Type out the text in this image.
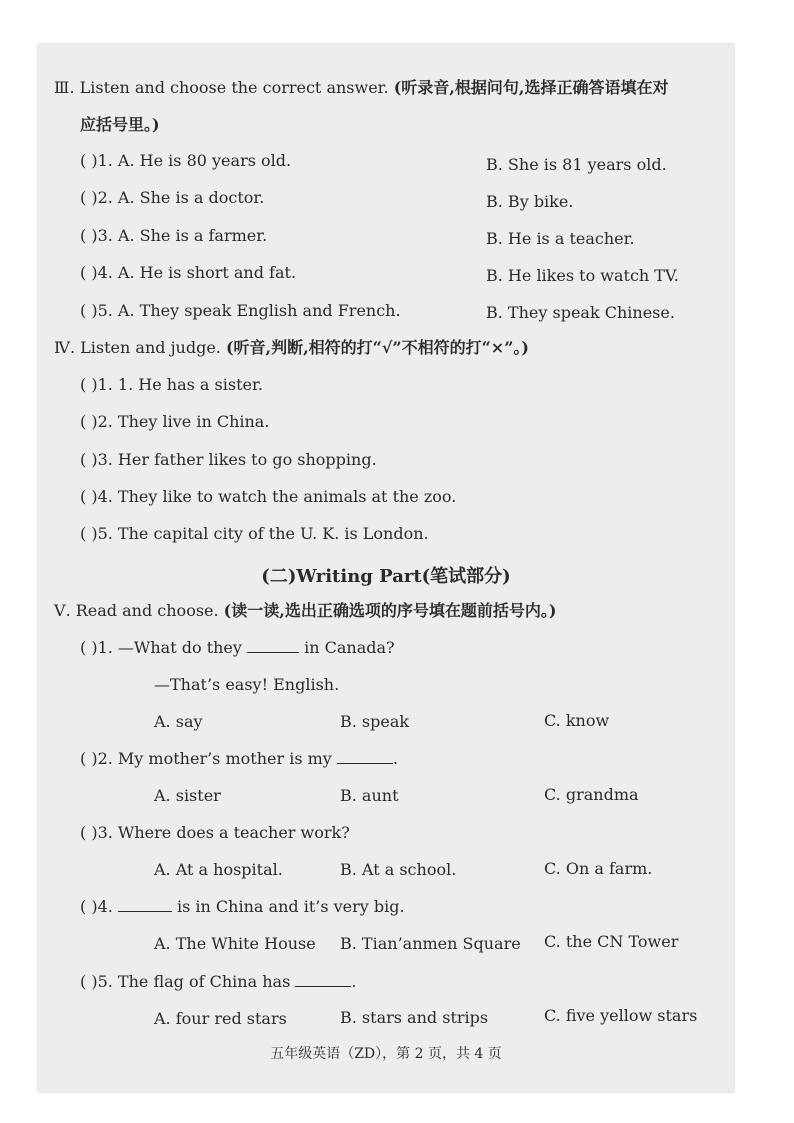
Ⅲ. Listen and choose the correct answer. (听录音,根据问句,选择正确答语填在对
应括号里。)
( )1. A. He is 80 years old.	B. She is 81 years old.
( )2. A. She is a doctor.	B. By bike.
( )3. A. She is a farmer.	B. He is a teacher.
( )4. A. He is short and fat.	B. He likes to watch TV.
( )5. A. They speak English and French.	B. They speak Chinese.
Ⅳ. Listen and judge. (听音,判断,相符的打“√”不相符的打“×”。)
( )1. 1. He has a sister.
( )2. They live in China.
( )3. Her father likes to go shopping.
( )4. They like to watch the animals at the zoo.
( )5. The capital city of the U. K. is London.
(二)Writing Part(笔试部分)
Ⅴ. Read and choose. (读一读,选出正确选项的序号填在题前括号内。)
( )1. —What do they	in Canada?
—That’s easy! English.
A. say	B. speak	C. know
( )2. My mother’s mother is my	.
A. sister	B. aunt	C. grandma
( )3. Where does a teacher work?
A. At a hospital.	B. At a school.	C. On a farm.
( )4.	is in China and it’s very big.
A. The White House B. Tian’anmen Square C. the CN Tower
( )5. The flag of China has	.
A. four red stars	B. stars and strips	C. five yellow stars
五年级英语（ZD），第 2 页，共 4 页
